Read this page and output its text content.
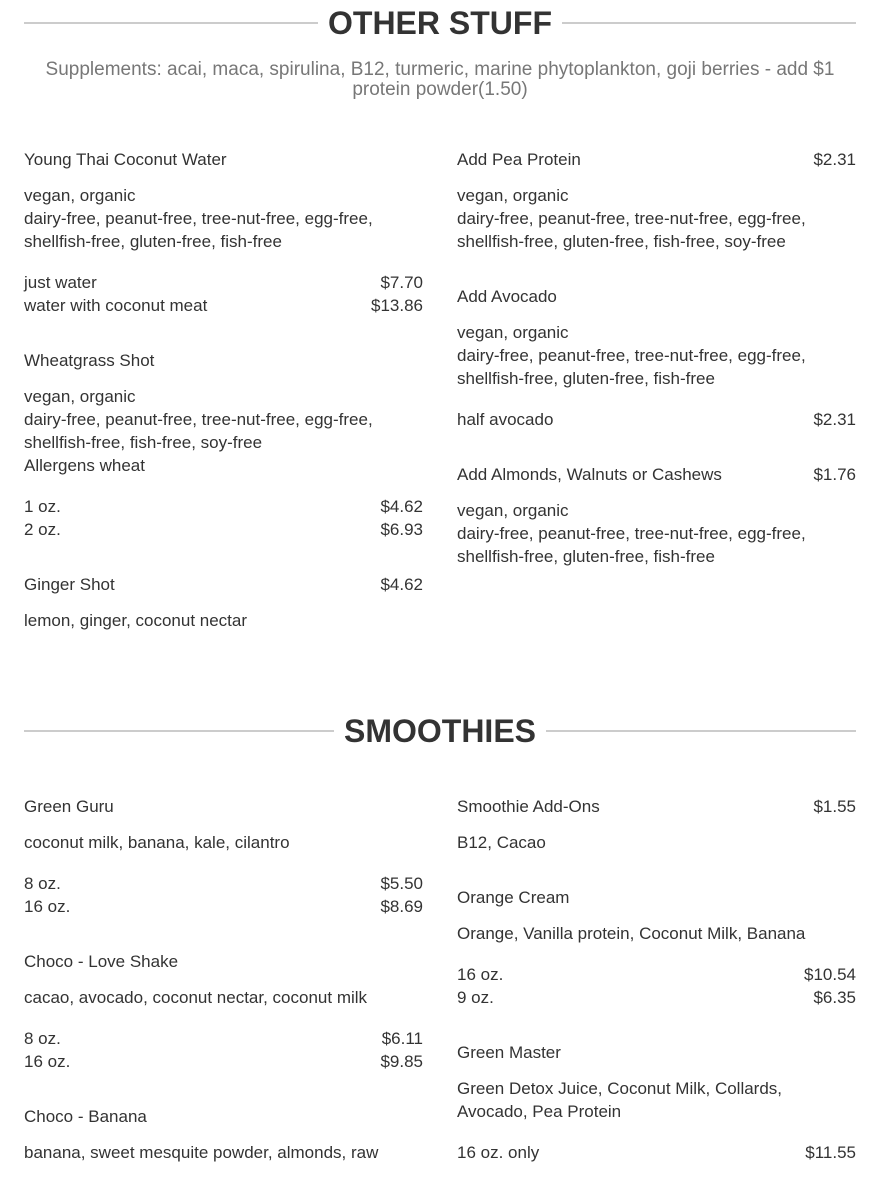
OTHER STUFF
Supplements: acai, maca, spirulina, B12, turmeric, marine phytoplankton, goji berries - add $1 protein powder(1.50)
Young Thai Coconut Water
vegan, organic
dairy-free, peanut-free, tree-nut-free, egg-free,
shellfish-free, gluten-free, fish-free
just water	$7.70
water with coconut meat	$13.86
Wheatgrass Shot
vegan, organic
dairy-free, peanut-free, tree-nut-free, egg-free,
shellfish-free, fish-free, soy-free
Allergens wheat
1 oz.	$4.62
2 oz.	$6.93
Ginger Shot	$4.62
lemon, ginger, coconut nectar
Add Pea Protein	$2.31
vegan, organic
dairy-free, peanut-free, tree-nut-free, egg-free,
shellfish-free, gluten-free, fish-free, soy-free
Add Avocado
vegan, organic
dairy-free, peanut-free, tree-nut-free, egg-free,
shellfish-free, gluten-free, fish-free
half avocado	$2.31
Add Almonds, Walnuts or Cashews	$1.76
vegan, organic
dairy-free, peanut-free, tree-nut-free, egg-free,
shellfish-free, gluten-free, fish-free
SMOOTHIES
Green Guru
coconut milk, banana, kale, cilantro
8 oz.	$5.50
16 oz.	$8.69
Choco - Love Shake
cacao, avocado, coconut nectar, coconut milk
8 oz.	$6.11
16 oz.	$9.85
Choco - Banana
banana, sweet mesquite powder, almonds, raw
Smoothie Add-Ons	$1.55
B12, Cacao
Orange Cream
Orange, Vanilla protein, Coconut Milk, Banana
16 oz.	$10.54
9 oz.	$6.35
Green Master
Green Detox Juice, Coconut Milk, Collards,
Avocado, Pea Protein
16 oz. only	$11.55
